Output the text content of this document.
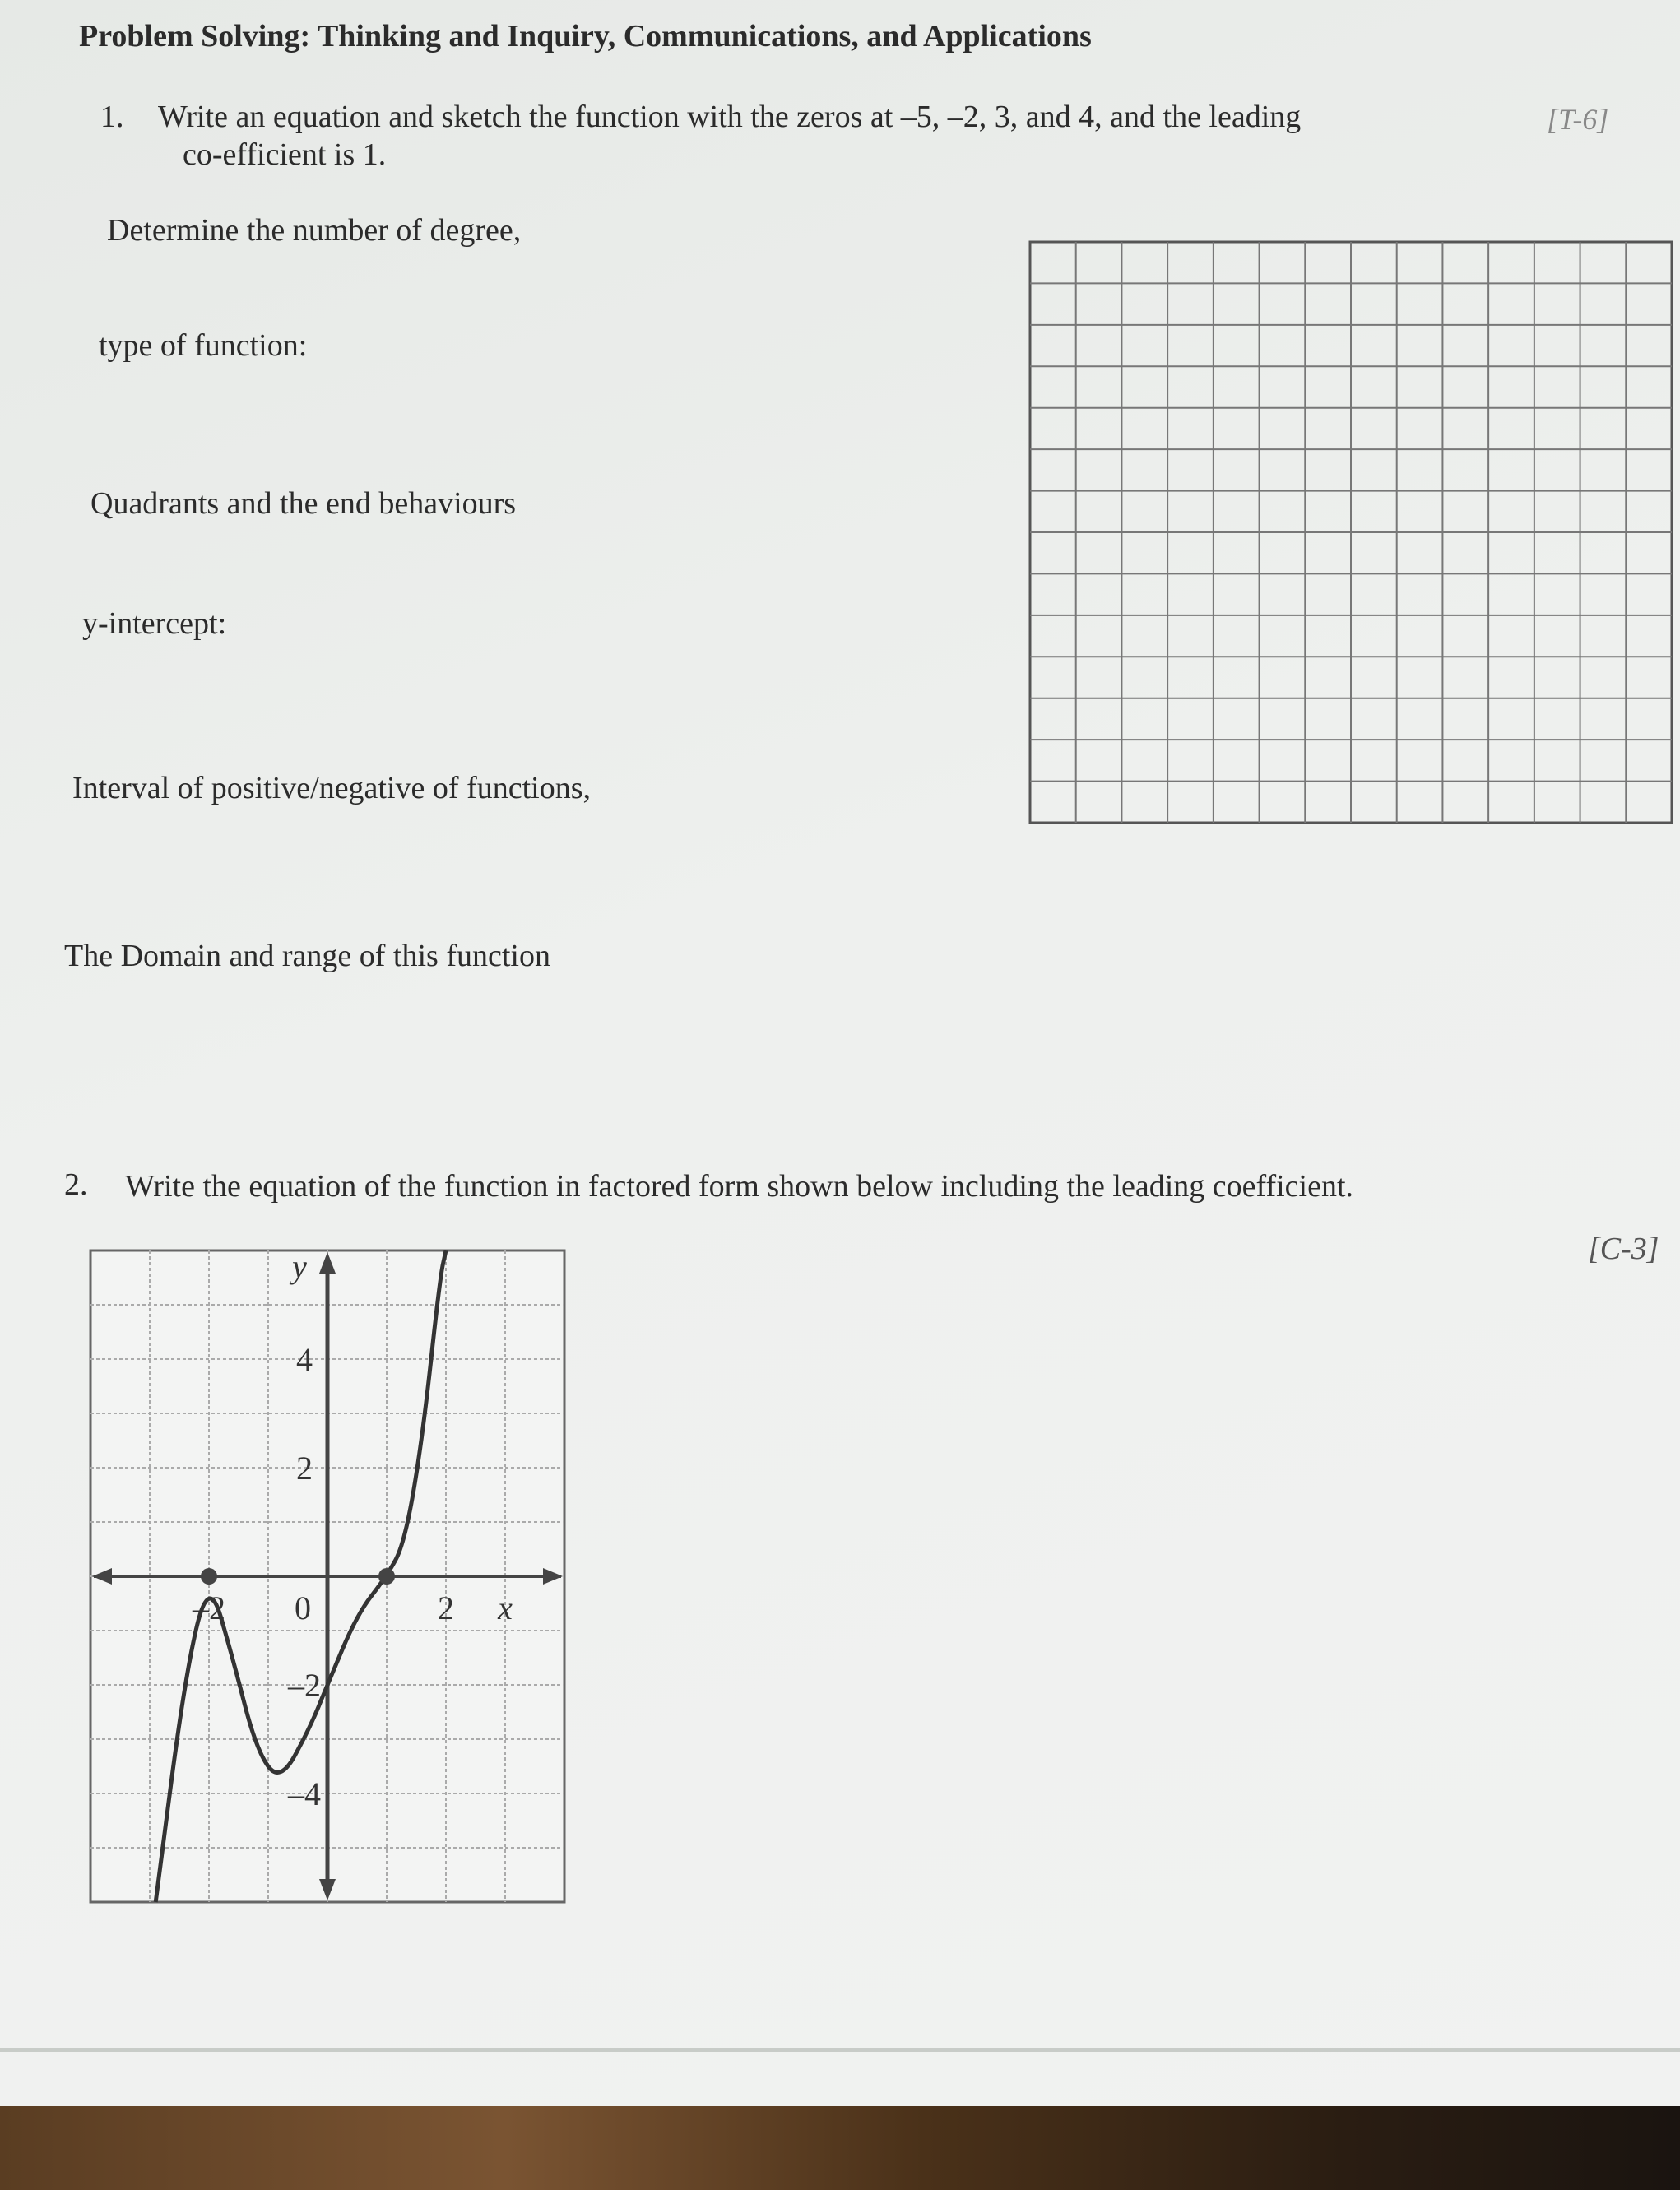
Problem Solving: Thinking and Inquiry, Communications, and Applications
1. Write an equation and sketch the function with the zeros at –5, –2, 3, and 4, and the leading
co-efficient is 1.
[T-6]
Determine the number of degree,
type of function:
Quadrants and the end behaviours
y-intercept:
Interval of positive/negative of functions,
The Domain and range of this function
2. Write the equation of the function in factored form shown below including the leading coefficient.
[C-3]
y
x
4
2
–2
–4
–2 0	2
